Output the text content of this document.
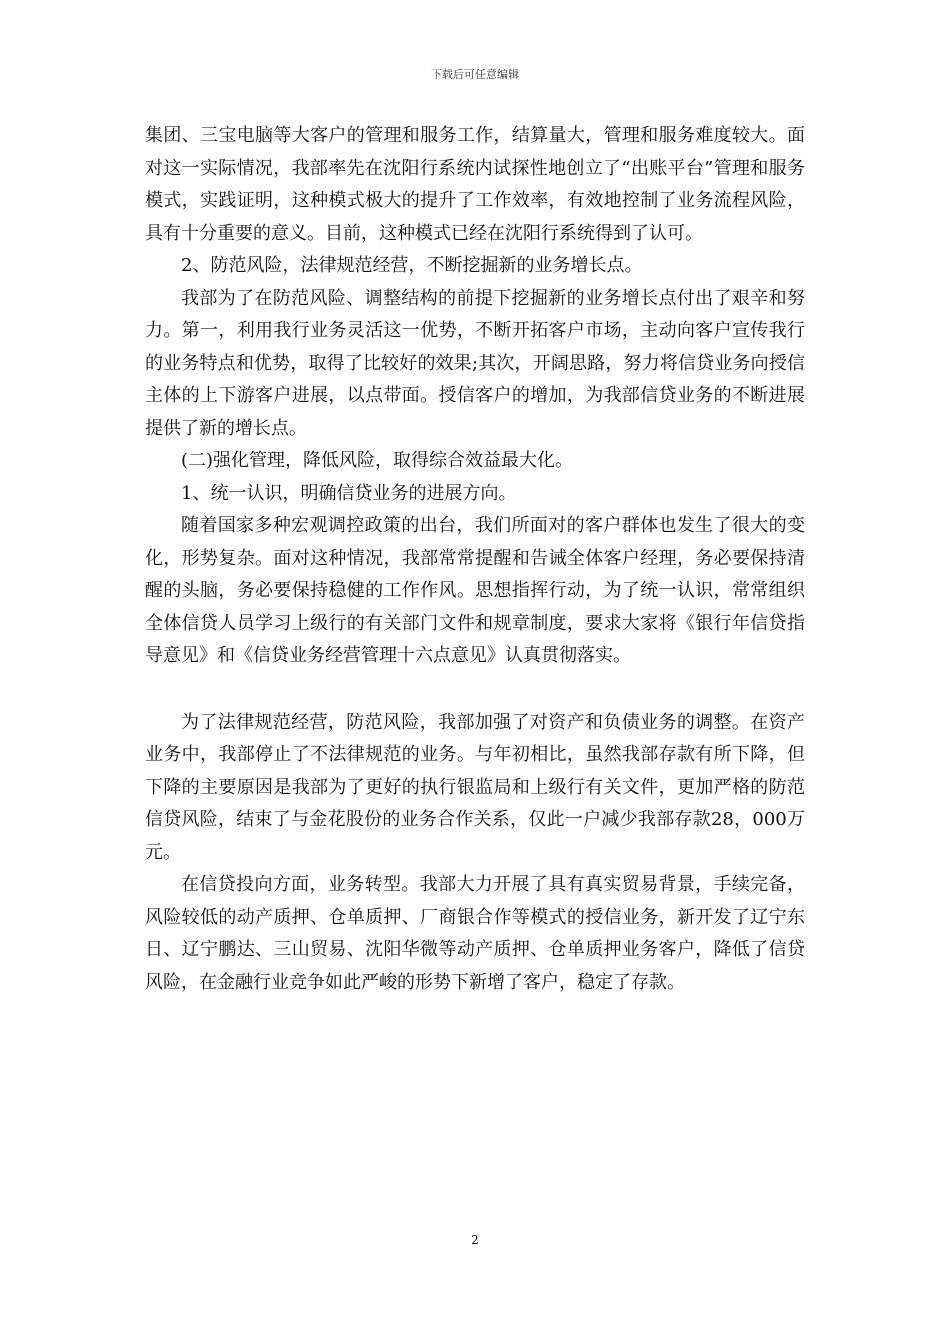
下载后可任意编辑

集团、三宝电脑等大客户的管理和服务工作，结算量大，管理和服务难度较大。面对这一实际情况，我部率先在沈阳行系统内试探性地创立了“出账平台”管理和服务模式，实践证明，这种模式极大的提升了工作效率，有效地控制了业务流程风险，具有十分重要的意义。目前，这种模式已经在沈阳行系统得到了认可。

2、防范风险，法律规范经营，不断挖掘新的业务增长点。

我部为了在防范风险、调整结构的前提下挖掘新的业务增长点付出了艰辛和努力。第一，利用我行业务灵活这一优势，不断开拓客户市场，主动向客户宣传我行的业务特点和优势，取得了比较好的效果;其次，开阔思路，努力将信贷业务向授信主体的上下游客户进展，以点带面。授信客户的增加，为我部信贷业务的不断进展提供了新的增长点。

(二)强化管理，降低风险，取得综合效益最大化。

1、统一认识，明确信贷业务的进展方向。

随着国家多种宏观调控政策的出台，我们所面对的客户群体也发生了很大的变化，形势复杂。面对这种情况，我部常常提醒和告诫全体客户经理，务必要保持清醒的头脑，务必要保持稳健的工作作风。思想指挥行动，为了统一认识，常常组织全体信贷人员学习上级行的有关部门文件和规章制度，要求大家将《银行年信贷指导意见》和《信贷业务经营管理十六点意见》认真贯彻落实。

为了法律规范经营，防范风险，我部加强了对资产和负债业务的调整。在资产业务中，我部停止了不法律规范的业务。与年初相比，虽然我部存款有所下降，但下降的主要原因是我部为了更好的执行银监局和上级行有关文件，更加严格的防范信贷风险，结束了与金花股份的业务合作关系，仅此一户减少我部存款28，000万元。

在信贷投向方面，业务转型。我部大力开展了具有真实贸易背景，手续完备，风险较低的动产质押、仓单质押、厂商银合作等模式的授信业务，新开发了辽宁东日、辽宁鹏达、三山贸易、沈阳华微等动产质押、仓单质押业务客户，降低了信贷风险，在金融行业竞争如此严峻的形势下新增了客户，稳定了存款。

2
